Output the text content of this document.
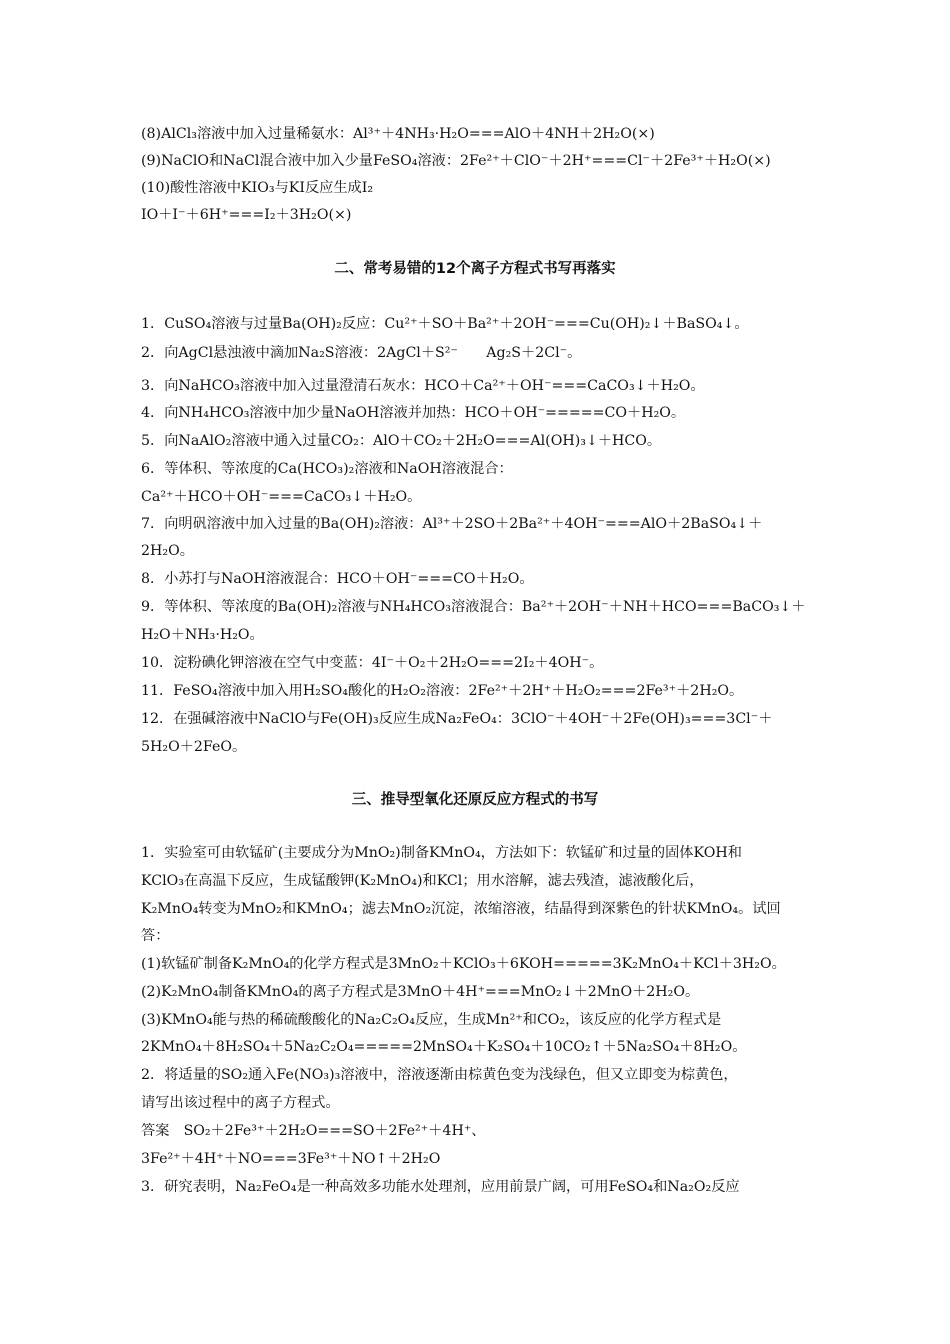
(8)AlCl₃溶液中加入过量稀氨水：Al³⁺＋4NH₃·H₂O===AlO＋4NH＋2H₂O(×)
(9)NaClO和NaCl混合液中加入少量FeSO₄溶液：2Fe²⁺＋ClO⁻＋2H⁺===Cl⁻＋2Fe³⁺＋H₂O(×)
(10)酸性溶液中KIO₃与KI反应生成I₂
IO＋I⁻＋6H⁺===I₂＋3H₂O(×)
二、常考易错的12个离子方程式书写再落实
1．CuSO₄溶液与过量Ba(OH)₂反应：Cu²⁺＋SO＋Ba²⁺＋2OH⁻===Cu(OH)₂↓＋BaSO₄↓。
2．向AgCl悬浊液中滴加Na₂S溶液：2AgCl＋S²⁻　　Ag₂S＋2Cl⁻。
3．向NaHCO₃溶液中加入过量澄清石灰水：HCO＋Ca²⁺＋OH⁻===CaCO₃↓＋H₂O。
4．向NH₄HCO₃溶液中加少量NaOH溶液并加热：HCO＋OH⁻=====CO＋H₂O。
5．向NaAlO₂溶液中通入过量CO₂：AlO＋CO₂＋2H₂O===Al(OH)₃↓＋HCO。
6．等体积、等浓度的Ca(HCO₃)₂溶液和NaOH溶液混合：
Ca²⁺＋HCO＋OH⁻===CaCO₃↓＋H₂O。
7．向明矾溶液中加入过量的Ba(OH)₂溶液：Al³⁺＋2SO＋2Ba²⁺＋4OH⁻===AlO＋2BaSO₄↓＋
2H₂O。
8．小苏打与NaOH溶液混合：HCO＋OH⁻===CO＋H₂O。
9．等体积、等浓度的Ba(OH)₂溶液与NH₄HCO₃溶液混合：Ba²⁺＋2OH⁻＋NH＋HCO===BaCO₃↓＋
H₂O＋NH₃·H₂O。
10．淀粉碘化钾溶液在空气中变蓝：4I⁻＋O₂＋2H₂O===2I₂＋4OH⁻。
11．FeSO₄溶液中加入用H₂SO₄酸化的H₂O₂溶液：2Fe²⁺＋2H⁺＋H₂O₂===2Fe³⁺＋2H₂O。
12．在强碱溶液中NaClO与Fe(OH)₃反应生成Na₂FeO₄：3ClO⁻＋4OH⁻＋2Fe(OH)₃===3Cl⁻＋
5H₂O＋2FeO。
三、推导型氧化还原反应方程式的书写
1．实验室可由软锰矿(主要成分为MnO₂)制备KMnO₄，方法如下：软锰矿和过量的固体KOH和
KClO₃在高温下反应，生成锰酸钾(K₂MnO₄)和KCl；用水溶解，滤去残渣，滤液酸化后，
K₂MnO₄转变为MnO₂和KMnO₄；滤去MnO₂沉淀，浓缩溶液，结晶得到深紫色的针状KMnO₄。试回
答：
(1)软锰矿制备K₂MnO₄的化学方程式是3MnO₂＋KClO₃＋6KOH=====3K₂MnO₄＋KCl＋3H₂O。
(2)K₂MnO₄制备KMnO₄的离子方程式是3MnO＋4H⁺===MnO₂↓＋2MnO＋2H₂O。
(3)KMnO₄能与热的稀硫酸酸化的Na₂C₂O₄反应，生成Mn²⁺和CO₂，该反应的化学方程式是
2KMnO₄＋8H₂SO₄＋5Na₂C₂O₄=====2MnSO₄＋K₂SO₄＋10CO₂↑＋5Na₂SO₄＋8H₂O。
2．将适量的SO₂通入Fe(NO₃)₃溶液中，溶液逐渐由棕黄色变为浅绿色，但又立即变为棕黄色，
请写出该过程中的离子方程式。
答案　SO₂＋2Fe³⁺＋2H₂O===SO＋2Fe²⁺＋4H⁺、
3Fe²⁺＋4H⁺＋NO===3Fe³⁺＋NO↑＋2H₂O
3．研究表明，Na₂FeO₄是一种高效多功能水处理剂，应用前景广阔，可用FeSO₄和Na₂O₂反应
